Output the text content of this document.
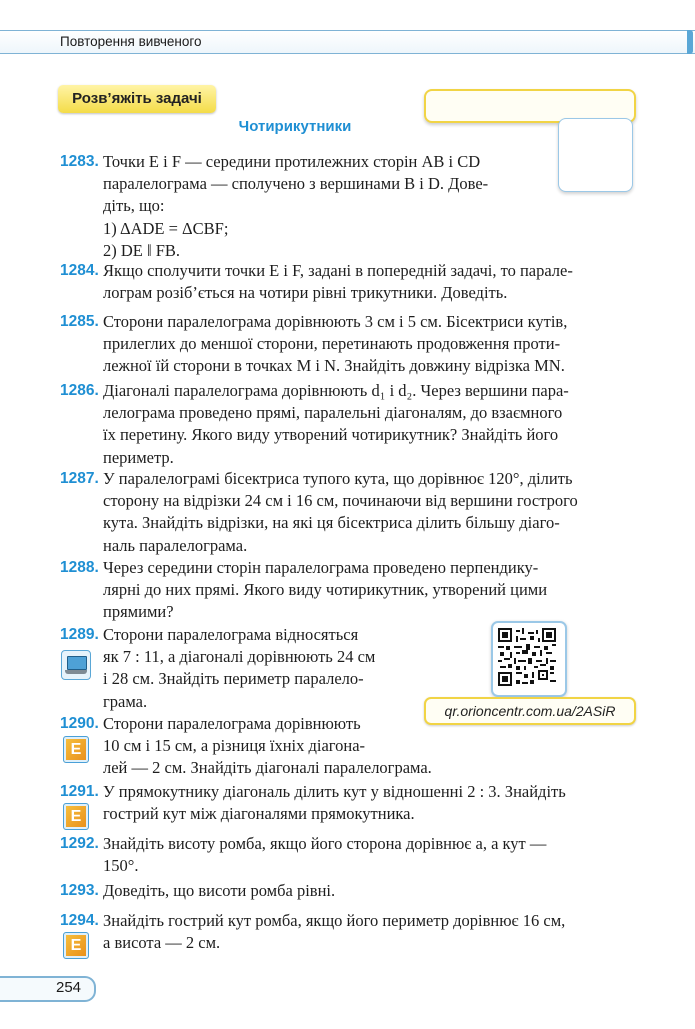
Повторення вивченого
Розв’яжіть задачі
Чотирикутники
1283. Точки E і F — середини протилежних сторін AB і CD
паралелограма — сполучено з вершинами B і D. Дове-
діть, що:
1) ΔADE = ΔCBF;
2) DE ‖ FB.
1284. Якщо сполучити точки E і F, задані в попередній задачі, то парале-
лограм розіб’ється на чотири рівні трикутники. Доведіть.
1285. Сторони паралелограма дорівнюють 3 см і 5 см. Бісектриси кутів,
прилеглих до меншої сторони, перетинають продовження проти-
лежної їй сторони в точках M і N. Знайдіть довжину відрізка MN.
1286. Діагоналі паралелограма дорівнюють d₁ і d₂. Через вершини пара-
лелограма проведено прямі, паралельні діагоналям, до взаємного
їх перетину. Якого виду утворений чотирикутник? Знайдіть його
периметр.
1287. У паралелограмі бісектриса тупого кута, що дорівнює 120°, ділить
сторону на відрізки 24 см і 16 см, починаючи від вершини гострого
кута. Знайдіть відрізки, на які ця бісектриса ділить більшу діаго-
наль паралелограма.
1288. Через середини сторін паралелограма проведено перпендику-
лярні до них прямі. Якого виду чотирикутник, утворений цими
прямими?
1289. Сторони паралелограма відносяться
як 7 : 11, а діагоналі дорівнюють 24 см
і 28 см. Знайдіть периметр паралело-
грама.
qr.orioncentr.com.ua/2ASiR
1290. Сторони паралелограма дорівнюють
10 см і 15 см, а різниця їхніх діагона-
лей — 2 см. Знайдіть діагоналі паралелограма.
E
1291. У прямокутнику діагональ ділить кут у відношенні 2 : 3. Знайдіть
гострий кут між діагоналями прямокутника.
E
1292. Знайдіть висоту ромба, якщо його сторона дорівнює a, а кут —
150°.
1293. Доведіть, що висоти ромба рівні.
1294. Знайдіть гострий кут ромба, якщо його периметр дорівнює 16 см,
а висота — 2 см.
E
254
